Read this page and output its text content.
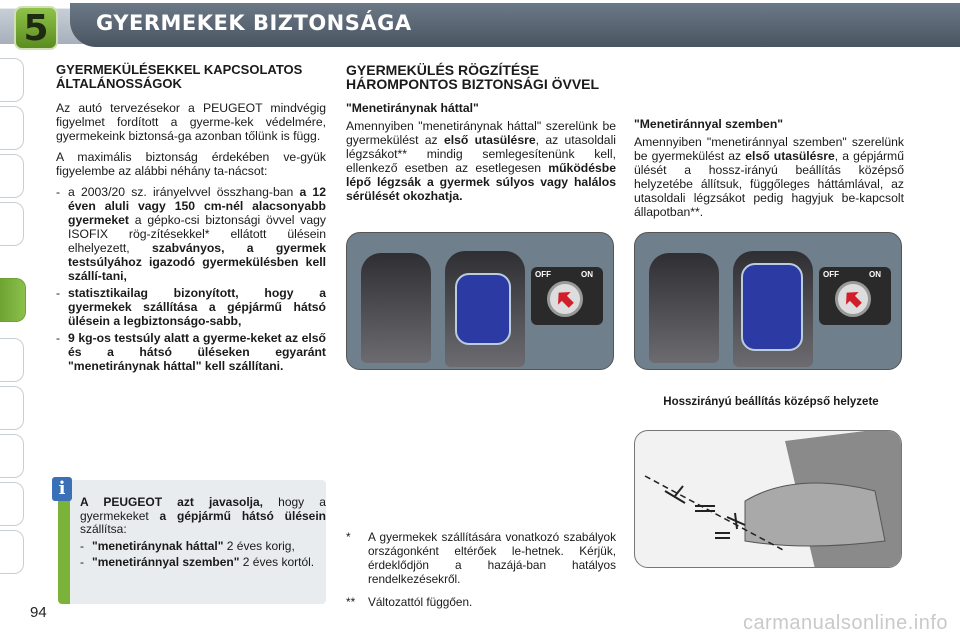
5	GYERMEKEK BIZTONSÁGA
GYERMEKÜLÉSEKKEL KAPCSOLATOS ÁLTALÁNOSSÁGOK

Az autó tervezésekor a PEUGEOT mindvégig figyelmet fordított a gyerme-kek védelmére, gyermekeink biztonsá-ga azonban tőlünk is függ.

A maximális biztonság érdekében ve-gyük figyelembe az alábbi néhány ta-nácsot:

- a 2003/20 sz. irányelvvel összhang-ban a 12 éven aluli vagy 150 cm-nél alacsonyabb gyermeket a gépko-csi biztonsági övvel vagy ISOFIX rög-zítésekkel* ellátott ülésein elhelyezett, szabványos, a gyermek testsúlyához igazodó gyermekülésben kell szállí-tani,
- statisztikailag bizonyított, hogy a gyermekek szállítása a gépjármű hátsó ülésein a legbiztonságo-sabb,
- 9 kg-os testsúly alatt a gyerme-keket az első és a hátsó üléseken egyaránt "menetiránynak háttal" kell szállítani.
GYERMEKÜLÉS RÖGZÍTÉSE HÁROMPONTOS BIZTONSÁGI ÖVVEL
"Menetiránynak háttal"

Amennyiben "menetiránynak háttal" szerelünk be gyermekülést az első utasülésre, az utasoldali légzsákot** mindig semlegesítenünk kell, ellenkező esetben az esetlegesen működésbe lépő légzsák a gyermek súlyos vagy halálos sérülését okozhatja.

"Menetiránnyal szemben"

Amennyiben "menetiránnyal szemben" szerelünk be gyermekülést az első utasülésre, a gépjármű ülését a hossz-irányú beállítás középső helyzetébe állítsuk, függőleges háttámlával, az utasoldali légzsákot pedig hagyjuk be-kapcsolt állapotban**.

OFF	ON	OFF	ON
Hosszirányú beállítás középső helyzete
i
A PEUGEOT azt javasolja, hogy a gyermekeket a gépjármű hátsó ülésein szállítsa:
- "menetiránynak háttal" 2 éves korig,
- "menetiránnyal szemben" 2 éves kortól.
*	A gyermekek szállítására vonatkozó szabályok országonként eltérőek le-hetnek. Kérjük, érdeklődjön a hazájá-ban hatályos rendelkezésekről.
**	Változattól függően.
94	carmanualsonline.info
